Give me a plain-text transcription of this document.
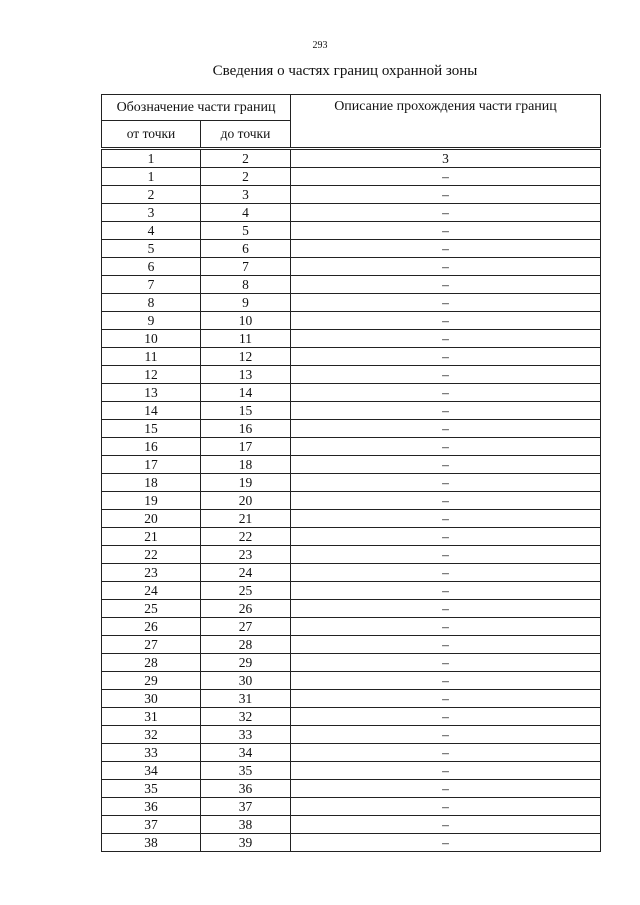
293
Сведения о частях границ охранной зоны
Обозначение части границ		Описание прохождения части границ
от точки	до точки	

1	2	3
1	2	–
2	3	–
3	4	–
4	5	–
5	6	–
6	7	–
7	8	–
8	9	–
9	10	–
10	11	–
11	12	–
12	13	–
13	14	–
14	15	–
15	16	–
16	17	–
17	18	–
18	19	–
19	20	–
20	21	–
21	22	–
22	23	–
23	24	–
24	25	–
25	26	–
26	27	–
27	28	–
28	29	–
29	30	–
30	31	–
31	32	–
32	33	–
33	34	–
34	35	–
35	36	–
36	37	–
37	38	–
38	39	–
